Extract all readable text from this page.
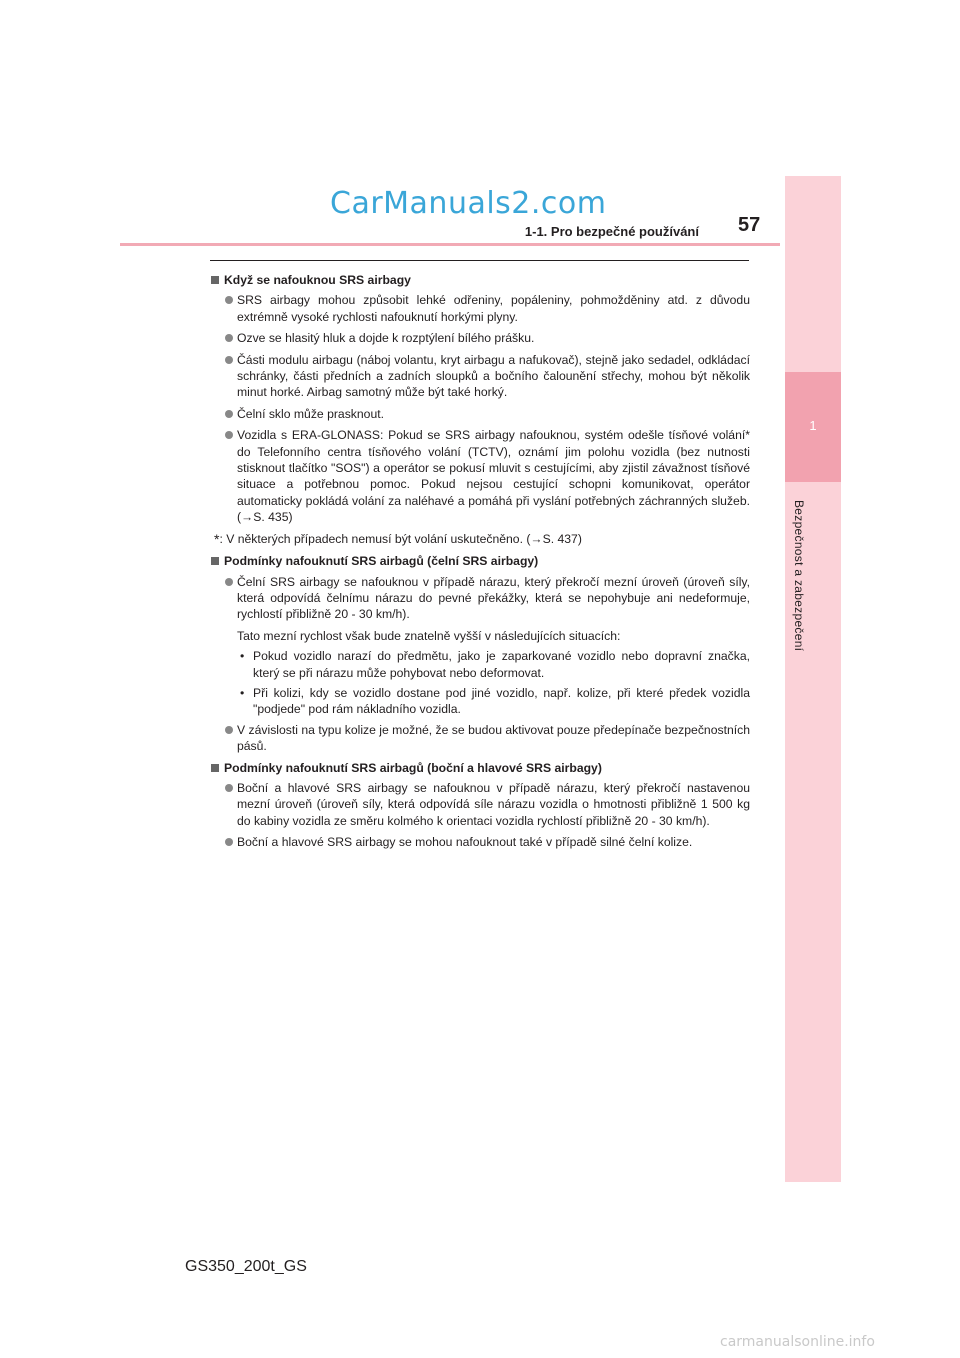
CarManuals2.com
1-1. Pro bezpečné používání 57
1
Bezpečnost a zabezpečení
Když se nafouknou SRS airbagy
SRS airbagy mohou způsobit lehké odřeniny, popáleniny, pohmožděniny atd. z důvodu extrémně vysoké rychlosti nafouknutí horkými plyny.
Ozve se hlasitý hluk a dojde k rozptýlení bílého prášku.
Části modulu airbagu (náboj volantu, kryt airbagu a nafukovač), stejně jako sedadel, odkládací schránky, části předních a zadních sloupků a bočního čalounění střechy, mohou být několik minut horké. Airbag samotný může být také horký.
Čelní sklo může prasknout.
Vozidla s ERA-GLONASS: Pokud se SRS airbagy nafouknou, systém odešle tísňové volání* do Telefonního centra tísňového volání (TCTV), oznámí jim polohu vozidla (bez nutnosti stisknout tlačítko "SOS") a operátor se pokusí mluvit s cestujícími, aby zjistil závažnost tísňové situace a potřebnou pomoc. Pokud nejsou cestující schopni komunikovat, operátor automaticky pokládá volání za naléhavé a pomáhá při vyslání potřebných záchranných služeb. (→S. 435)
*: V některých případech nemusí být volání uskutečněno. (→S. 437)
Podmínky nafouknutí SRS airbagů (čelní SRS airbagy)
Čelní SRS airbagy se nafouknou v případě nárazu, který překročí mezní úroveň (úroveň síly, která odpovídá čelnímu nárazu do pevné překážky, která se nepohybuje ani nedeformuje, rychlostí přibližně 20 - 30 km/h).
Tato mezní rychlost však bude znatelně vyšší v následujících situacích:
• Pokud vozidlo narazí do předmětu, jako je zaparkované vozidlo nebo dopravní značka, který se při nárazu může pohybovat nebo deformovat.
• Při kolizi, kdy se vozidlo dostane pod jiné vozidlo, např. kolize, při které předek vozidla "podjede" pod rám nákladního vozidla.
V závislosti na typu kolize je možné, že se budou aktivovat pouze předepínače bezpečnostních pásů.
Podmínky nafouknutí SRS airbagů (boční a hlavové SRS airbagy)
Boční a hlavové SRS airbagy se nafouknou v případě nárazu, který překročí nastavenou mezní úroveň (úroveň síly, která odpovídá síle nárazu vozidla o hmotnosti přibližně 1 500 kg do kabiny vozidla ze směru kolmého k orientaci vozidla rychlostí přibližně 20 - 30 km/h).
Boční a hlavové SRS airbagy se mohou nafouknout také v případě silné čelní kolize.
GS350_200t_GS
carmanualsonline.info
